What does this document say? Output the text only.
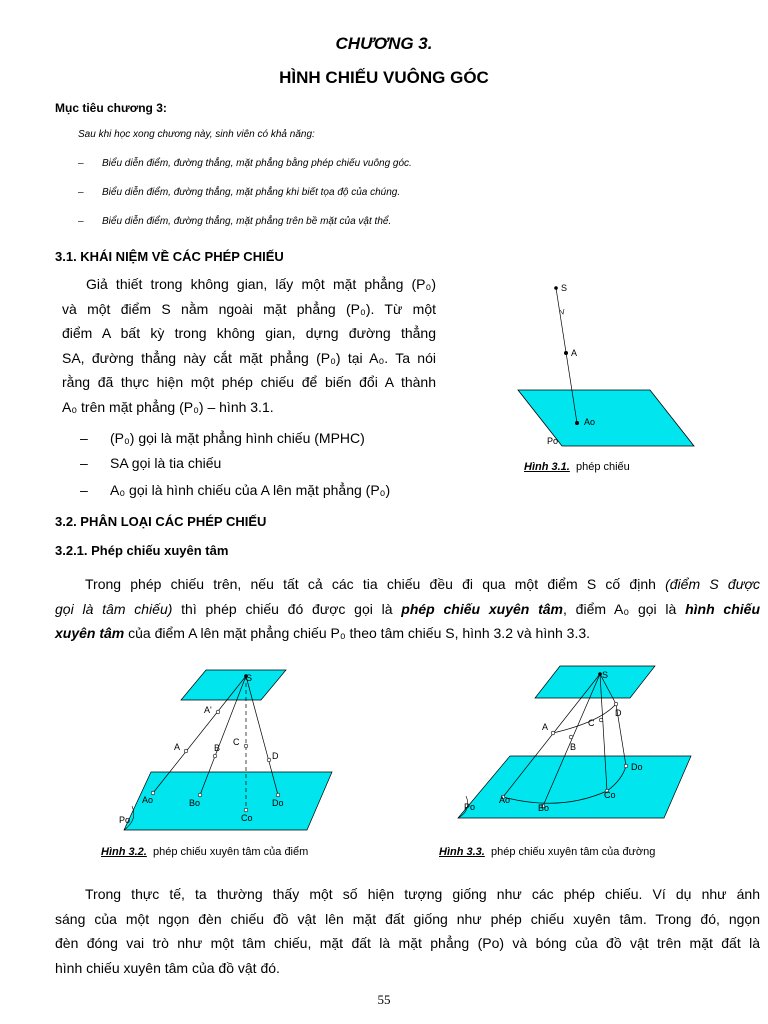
CHƯƠNG 3.
HÌNH CHIẾU VUÔNG GÓC
Mục tiêu chương 3:
Sau khi học xong chương này, sinh viên có khả năng:
– Biểu diễn điểm, đường thẳng, mặt phẳng bằng phép chiếu vuông góc.
– Biểu diễn điểm, đường thẳng, mặt phẳng khi biết tọa độ của chúng.
– Biểu diễn điểm, đường thẳng, mặt phẳng trên bề mặt của vật thể.
3.1. KHÁI NIỆM VỀ CÁC PHÉP CHIẾU
Giả thiết trong không gian, lấy một mặt phẳng (P₀)
và một điểm S nằm ngoài mặt phẳng (P₀). Từ một
điểm A bất kỳ trong không gian, dựng đường thẳng
SA, đường thẳng này cắt mặt phẳng (P₀) tại A₀. Ta nói
rằng đã thực hiện một phép chiếu để biến đổi A thành
A₀ trên mặt phẳng (P₀) – hình 3.1.
– (P₀) gọi là mặt phẳng hình chiếu (MPHC)
– SA gọi là tia chiếu
– A₀ gọi là hình chiếu của A lên mặt phẳng (P₀)
S
A
Ao
Po
Hình 3.1. phép chiếu
3.2. PHÂN LOẠI CÁC PHÉP CHIẾU
3.2.1. Phép chiếu xuyên tâm
Trong phép chiếu trên, nếu tất cả các tia chiếu đều đi qua một điểm S cố định (điểm S được
gọi là tâm chiếu) thì phép chiếu đó được gọi là phép chiếu xuyên tâm, điểm A₀ gọi là hình chiếu
xuyên tâm của điểm A lên mặt phẳng chiếu P₀ theo tâm chiếu S, hình 3.2 và hình 3.3.
S
A'
A	B
C
D
Ao	Bo
Co
Do
Po
Hình 3.2. phép chiếu xuyên tâm của điểm
S
A
B
C
D
Ao
Bo
Co
Do
Po
Hình 3.3. phép chiếu xuyên tâm của đường
Trong thực tế, ta thường thấy một số hiện tượng giống như các phép chiếu. Ví dụ như ánh
sáng của một ngọn đèn chiếu đồ vật lên mặt đất giống như phép chiếu xuyên tâm. Trong đó, ngọn
đèn đóng vai trò như một tâm chiếu, mặt đất là mặt phẳng (Po) và bóng của đồ vật trên mặt đất là
hình chiếu xuyên tâm của đồ vật đó.
55
